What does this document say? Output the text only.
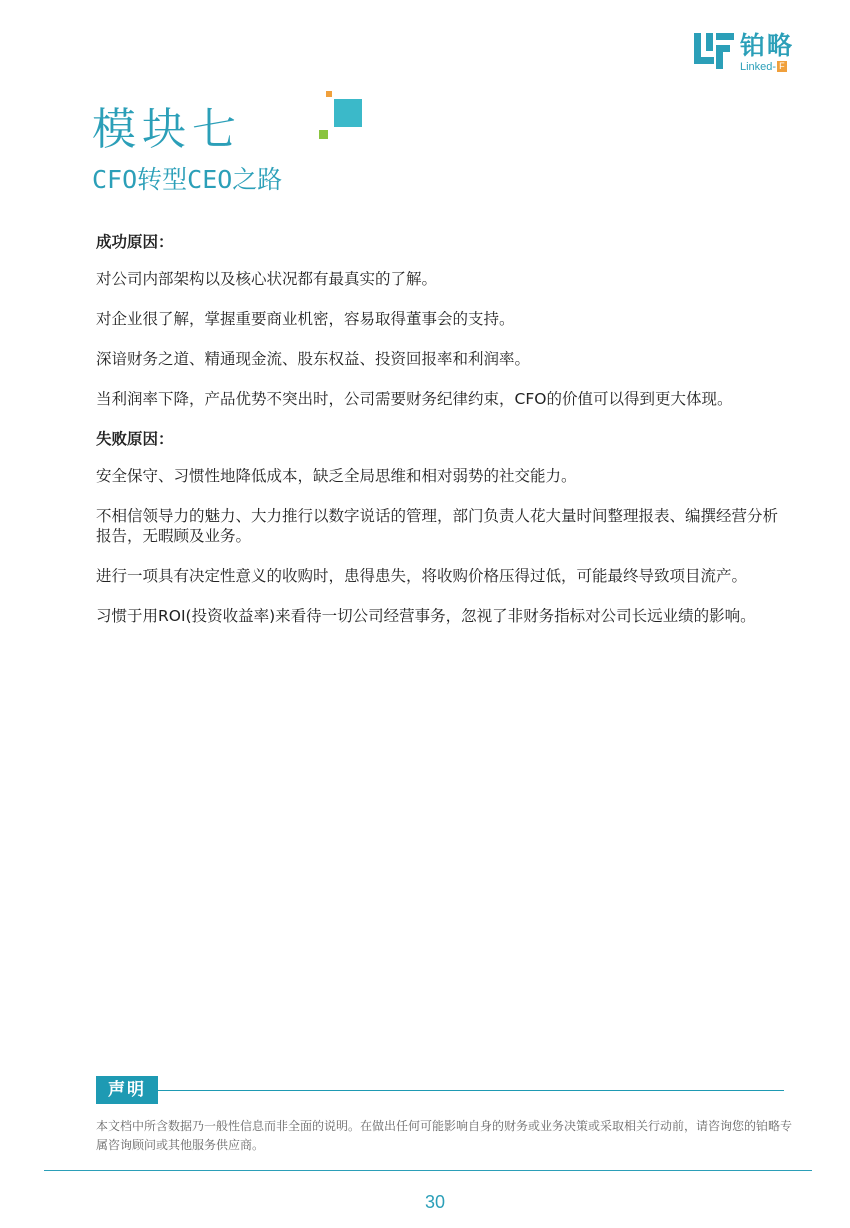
铂略
Linked- F
模块七
CFO转型CEO之路

成功原因：

对公司内部架构以及核心状况都有最真实的了解。

对企业很了解，掌握重要商业机密，容易取得董事会的支持。

深谙财务之道、精通现金流、股东权益、投资回报率和利润率。

当利润率下降，产品优势不突出时，公司需要财务纪律约束，CFO的价值可以得到更大体现。

失败原因：

安全保守、习惯性地降低成本，缺乏全局思维和相对弱势的社交能力。

不相信领导力的魅力、大力推行以数字说话的管理，部门负责人花大量时间整理报表、编撰经营分析报告，无暇顾及业务。

进行一项具有决定性意义的收购时，患得患失，将收购价格压得过低，可能最终导致项目流产。

习惯于用ROI(投资收益率)来看待一切公司经营事务，忽视了非财务指标对公司长远业绩的影响。

声明
本文档中所含数据乃一般性信息而非全面的说明。在做出任何可能影响自身的财务或业务决策或采取相关行动前，请咨询您的铂略专属咨询顾问或其他服务供应商。
30
